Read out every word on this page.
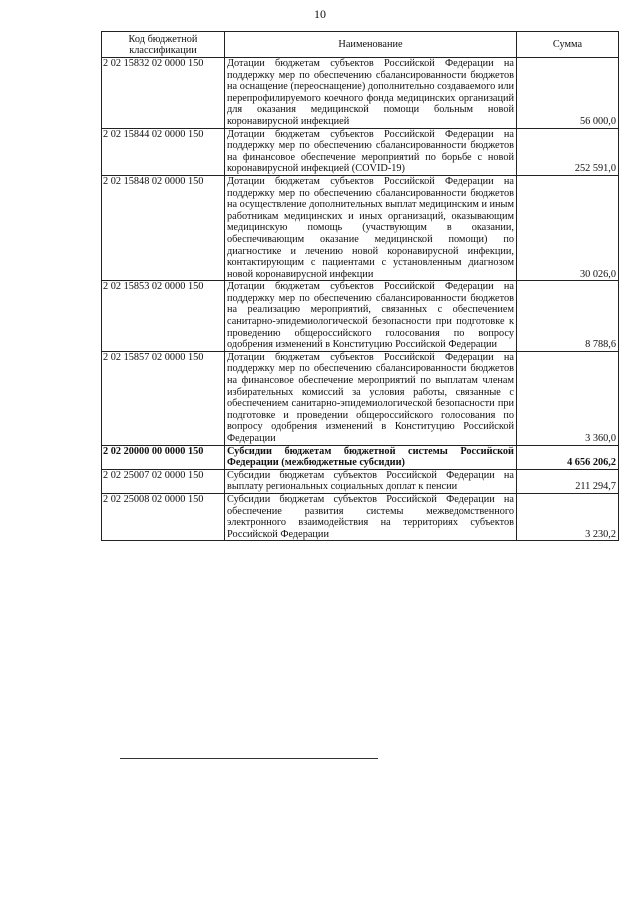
10
Код бюджетной классификации	Наименование	Сумма
2 02 15832 02 0000 150	Дотации бюджетам субъектов Российской Федерации на поддержку мер по обеспечению сбалансированности бюджетов на оснащение (переоснащение) дополнительно создаваемого или перепрофилируемого коечного фонда медицинских организаций для оказания медицинской помощи больным новой коронавирусной инфекцией	56 000,0
2 02 15844 02 0000 150	Дотации бюджетам субъектов Российской Федерации на поддержку мер по обеспечению сбалансированности бюджетов на финансовое обеспечение мероприятий по борьбе с новой коронавирусной инфекцией (COVID-19)	252 591,0
2 02 15848 02 0000 150	Дотации бюджетам субъектов Российской Федерации на поддержку мер по обеспечению сбалансированности бюджетов на осуществление дополнительных выплат медицинским и иным работникам медицинских и иных организаций, оказывающим медицинскую помощь (участвующим в оказании, обеспечивающим оказание медицинской помощи) по диагностике и лечению новой коронавирусной инфекции, контактирующим с пациентами с установленным диагнозом новой коронавирусной инфекции	30 026,0
2 02 15853 02 0000 150	Дотации бюджетам субъектов Российской Федерации на поддержку мер по обеспечению сбалансированности бюджетов на реализацию мероприятий, связанных с обеспечением санитарно-эпидемиологической безопасности при подготовке к проведению общероссийского голосования по вопросу одобрения изменений в Конституцию Российской Федерации	8 788,6
2 02 15857 02 0000 150	Дотации бюджетам субъектов Российской Федерации на поддержку мер по обеспечению сбалансированности бюджетов на финансовое обеспечение мероприятий по выплатам членам избирательных комиссий за условия работы, связанные с обеспечением санитарно-эпидемиологической безопасности при подготовке и проведении общероссийского голосования по вопросу одобрения изменений в Конституцию Российской Федерации	3 360,0
2 02 20000 00 0000 150	Субсидии бюджетам бюджетной системы Российской Федерации (межбюджетные субсидии)	4 656 206,2
2 02 25007 02 0000 150	Субсидии бюджетам субъектов Российской Федерации на выплату региональных социальных доплат к пенсии	211 294,7
2 02 25008 02 0000 150	Субсидии бюджетам субъектов Российской Федерации на обеспечение развития системы межведомственного электронного взаимодействия на территориях субъектов Российской Федерации	3 230,2
